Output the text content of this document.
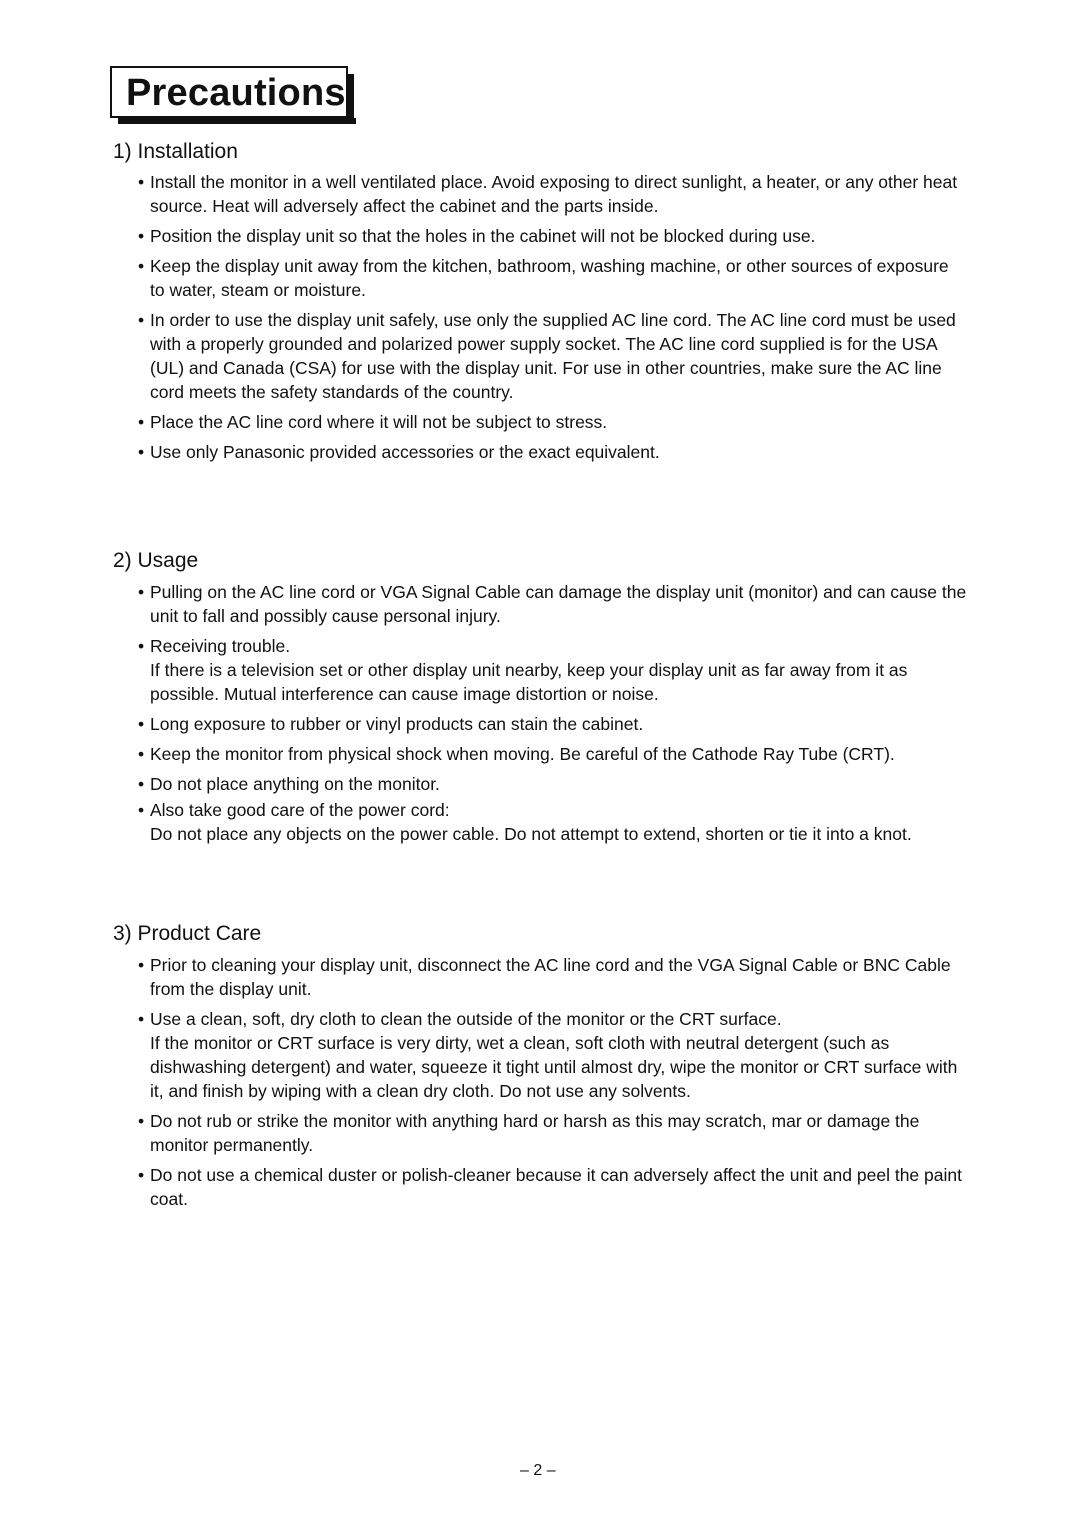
Precautions
1) Installation
• Install the monitor in a well ventilated place. Avoid exposing to direct sunlight, a heater, or any other heat source. Heat will adversely affect the cabinet and the parts inside.
• Position the display unit so that the holes in the cabinet will not be blocked during use.
• Keep the display unit away from the kitchen, bathroom, washing machine, or other sources of exposure to water, steam or moisture.
• In order to use the display unit safely, use only the supplied AC line cord. The AC line cord must be used with a properly grounded and polarized power supply socket. The AC line cord supplied is for the USA (UL) and Canada (CSA) for use with the display unit. For use in other countries, make sure the AC line cord meets the safety standards of the country.
• Place the AC line cord where it will not be subject to stress.
• Use only Panasonic provided accessories or the exact equivalent.
2) Usage
• Pulling on the AC line cord or VGA Signal Cable can damage the display unit (monitor) and can cause the unit to fall and possibly cause personal injury.
• Receiving trouble.
If there is a television set or other display unit nearby, keep your display unit as far away from it as possible. Mutual interference can cause image distortion or noise.
• Long exposure to rubber or vinyl products can stain the cabinet.
• Keep the monitor from physical shock when moving. Be careful of the Cathode Ray Tube (CRT).
• Do not place anything on the monitor.
• Also take good care of the power cord:
Do not place any objects on the power cable. Do not attempt to extend, shorten or tie it into a knot.
3) Product Care
• Prior to cleaning your display unit, disconnect the AC line cord and the VGA Signal Cable or BNC Cable from the display unit.
• Use a clean, soft, dry cloth to clean the outside of the monitor or the CRT surface.
If the monitor or CRT surface is very dirty, wet a clean, soft cloth with neutral detergent (such as dishwashing detergent) and water, squeeze it tight until almost dry, wipe the monitor or CRT surface with it, and finish by wiping with a clean dry cloth. Do not use any solvents.
• Do not rub or strike the monitor with anything hard or harsh as this may scratch, mar or damage the monitor permanently.
• Do not use a chemical duster or polish-cleaner because it can adversely affect the unit and peel the paint coat.
– 2 –
